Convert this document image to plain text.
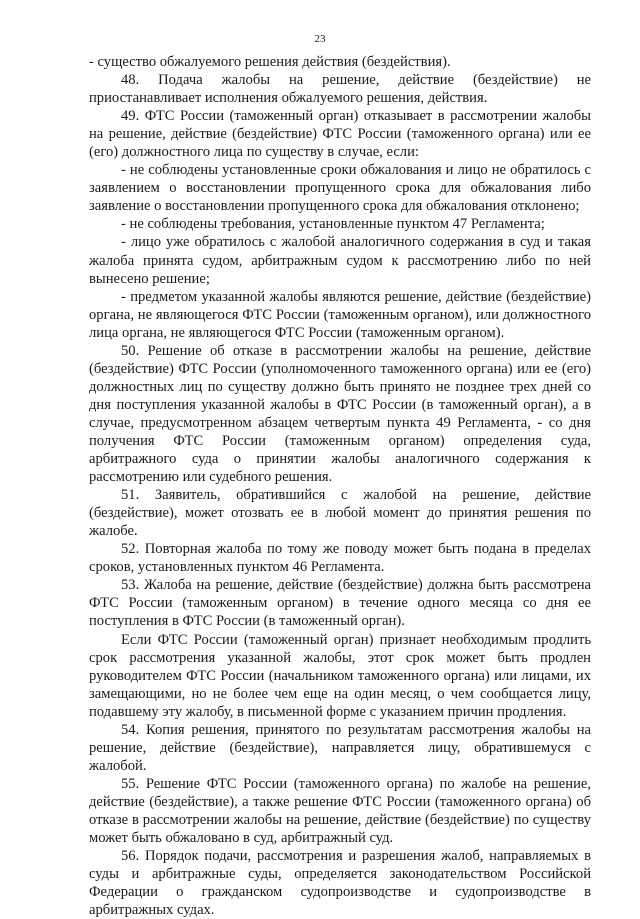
23

- существо обжалуемого решения действия (бездействия).

48. Подача жалобы на решение, действие (бездействие) не приостанавливает исполнения обжалуемого решения, действия.

49. ФТС России (таможенный орган) отказывает в рассмотрении жалобы на решение, действие (бездействие) ФТС России (таможенного органа) или ее (его) должностного лица по существу в случае, если:

- не соблюдены установленные сроки обжалования и лицо не обратилось с заявлением о восстановлении пропущенного срока для обжалования либо заявление о восстановлении пропущенного срока для обжалования отклонено;

- не соблюдены требования, установленные пунктом 47 Регламента;

- лицо уже обратилось с жалобой аналогичного содержания в суд и такая жалоба принята судом, арбитражным судом к рассмотрению либо по ней вынесено решение;

- предметом указанной жалобы являются решение, действие (бездействие) органа, не являющегося ФТС России (таможенным органом), или должностного лица органа, не являющегося ФТС России (таможенным органом).

50. Решение об отказе в рассмотрении жалобы на решение, действие (бездействие) ФТС России (уполномоченного таможенного органа) или ее (его) должностных лиц по существу должно быть принято не позднее трех дней со дня поступления указанной жалобы в ФТС России (в таможенный орган), а в случае, предусмотренном абзацем четвертым пункта 49 Регламента, - со дня получения ФТС России (таможенным органом) определения суда, арбитражного суда о принятии жалобы аналогичного содержания к рассмотрению или судебного решения.

51. Заявитель, обратившийся с жалобой на решение, действие (бездействие), может отозвать ее в любой момент до принятия решения по жалобе.

52. Повторная жалоба по тому же поводу может быть подана в пределах сроков, установленных пунктом 46 Регламента.

53. Жалоба на решение, действие (бездействие) должна быть рассмотрена ФТС России (таможенным органом) в течение одного месяца со дня ее поступления в ФТС России (в таможенный орган).

Если ФТС России (таможенный орган) признает необходимым продлить срок рассмотрения указанной жалобы, этот срок может быть продлен руководителем ФТС России (начальником таможенного органа) или лицами, их замещающими, но не более чем еще на один месяц, о чем сообщается лицу, подавшему эту жалобу, в письменной форме с указанием причин продления.

54. Копия решения, принятого по результатам рассмотрения жалобы на решение, действие (бездействие), направляется лицу, обратившемуся с жалобой.

55. Решение ФТС России (таможенного органа) по жалобе на решение, действие (бездействие), а также решение ФТС России (таможенного органа) об отказе в рассмотрении жалобы на решение, действие (бездействие) по существу может быть обжаловано в суд, арбитражный суд.

56. Порядок подачи, рассмотрения и разрешения жалоб, направляемых в суды и арбитражные суды, определяется законодательством Российской Федерации о гражданском судопроизводстве и судопроизводстве в арбитражных судах.
